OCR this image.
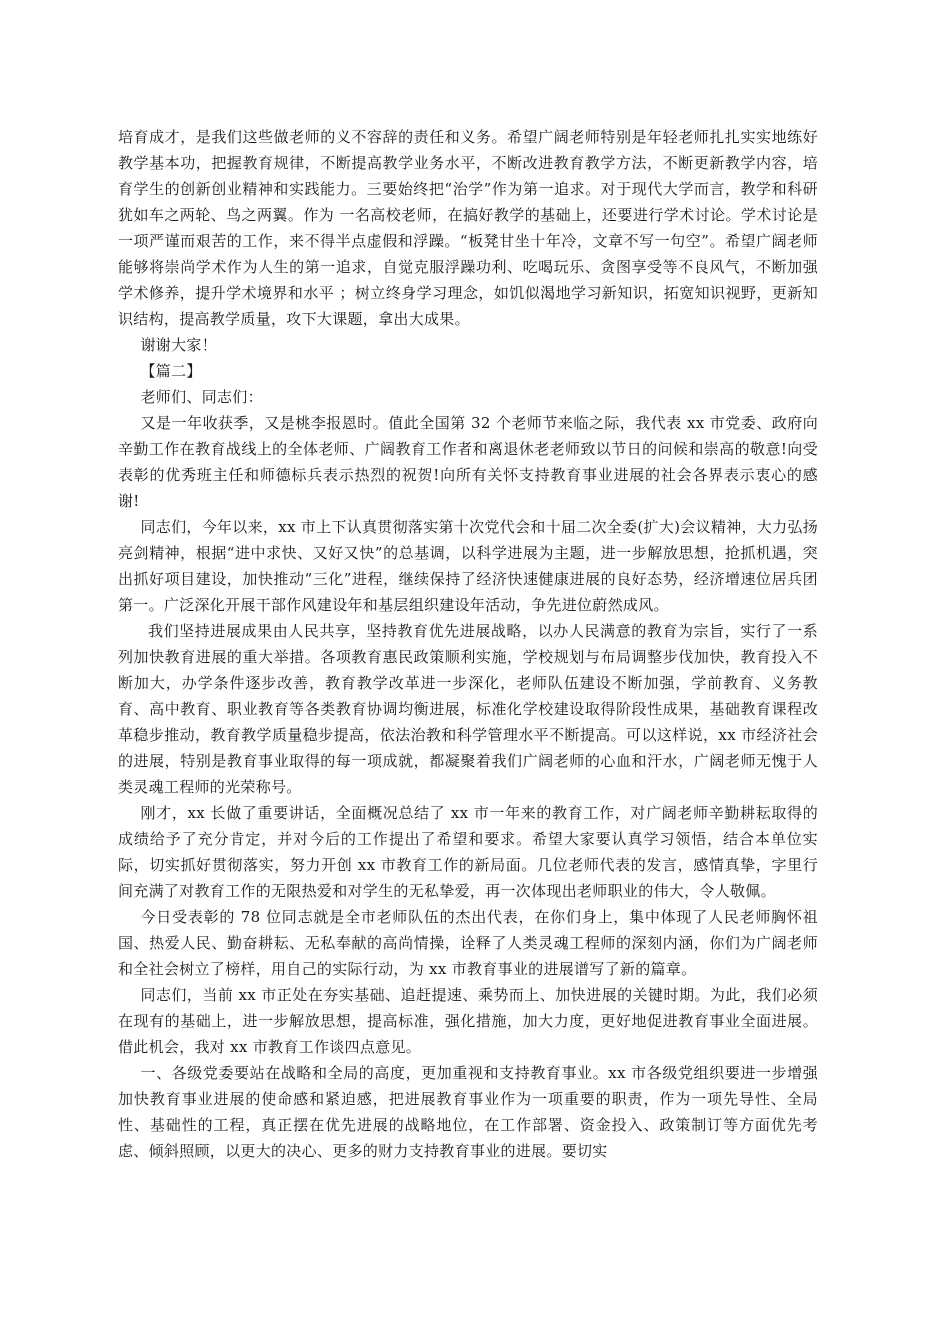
培育成才，是我们这些做老师的义不容辞的责任和义务。希望广阔老师特别是年轻老师扎扎实实地练好教学基本功，把握教育规律，不断提高教学业务水平，不断改进教育教学方法，不断更新教学内容，培育学生的创新创业精神和实践能力。三要始终把“治学”作为第一追求。对于现代大学而言，教学和科研犹如车之两轮、鸟之两翼。作为 一名高校老师，在搞好教学的基础上，还要进行学术讨论。学术讨论是一项严谨而艰苦的工作，来不得半点虚假和浮躁。“板凳甘坐十年冷，文章不写一句空”。希望广阔老师能够将崇尚学术作为人生的第一追求，自觉克服浮躁功利、吃喝玩乐、贪图享受等不良风气，不断加强学术修养，提升学术境界和水平 ；树立终身学习理念，如饥似渴地学习新知识，拓宽知识视野，更新知识结构，提高教学质量，攻下大课题，拿出大成果。

谢谢大家！

【篇二】

老师们、同志们：

又是一年收获季，又是桃李报恩时。值此全国第 32 个老师节来临之际，我代表 xx 市党委、政府向辛勤工作在教育战线上的全体老师、广阔教育工作者和离退休老老师致以节日的问候和崇高的敬意!向受表彰的优秀班主任和师德标兵表示热烈的祝贺!向所有关怀支持教育事业进展的社会各界表示衷心的感谢!

同志们，今年以来，xx 市上下认真贯彻落实第十次党代会和十届二次全委(扩大)会议精神，大力弘扬亮剑精神，根据“进中求快、又好又快”的总基调，以科学进展为主题，进一步解放思想，抢抓机遇，突出抓好项目建设，加快推动“三化”进程，继续保持了经济快速健康进展的良好态势，经济增速位居兵团第一。广泛深化开展干部作风建设年和基层组织建设年活动，争先进位蔚然成风。

我们坚持进展成果由人民共享，坚持教育优先进展战略，以办人民满意的教育为宗旨，实行了一系列加快教育进展的重大举措。各项教育惠民政策顺利实施，学校规划与布局调整步伐加快，教育投入不断加大，办学条件逐步改善，教育教学改革进一步深化，老师队伍建设不断加强，学前教育、义务教育、高中教育、职业教育等各类教育协调均衡进展，标准化学校建设取得阶段性成果，基础教育课程改革稳步推动，教育教学质量稳步提高，依法治教和科学管理水平不断提高。可以这样说，xx 市经济社会的进展，特别是教育事业取得的每一项成就，都凝聚着我们广阔老师的心血和汗水，广阔老师无愧于人类灵魂工程师的光荣称号。

刚才，xx 长做了重要讲话，全面概况总结了 xx 市一年来的教育工作，对广阔老师辛勤耕耘取得的成绩给予了充分肯定，并对今后的工作提出了希望和要求。希望大家要认真学习领悟，结合本单位实际，切实抓好贯彻落实，努力开创 xx 市教育工作的新局面。几位老师代表的发言，感情真挚，字里行间充满了对教育工作的无限热爱和对学生的无私挚爱，再一次体现出老师职业的伟大，令人敬佩。

今日受表彰的 78 位同志就是全市老师队伍的杰出代表，在你们身上，集中体现了人民老师胸怀祖国、热爱人民、勤奋耕耘、无私奉献的高尚情操，诠释了人类灵魂工程师的深刻内涵，你们为广阔老师和全社会树立了榜样，用自己的实际行动，为 xx 市教育事业的进展谱写了新的篇章。

同志们，当前 xx 市正处在夯实基础、追赶提速、乘势而上、加快进展的关键时期。为此，我们必须在现有的基础上，进一步解放思想，提高标准，强化措施，加大力度，更好地促进教育事业全面进展。借此机会，我对 xx 市教育工作谈四点意见。

一、各级党委要站在战略和全局的高度，更加重视和支持教育事业。xx 市各级党组织要进一步增强加快教育事业进展的使命感和紧迫感，把进展教育事业作为一项重要的职责，作为一项先导性、全局性、基础性的工程，真正摆在优先进展的战略地位，在工作部署、资金投入、政策制订等方面优先考虑、倾斜照顾，以更大的决心、更多的财力支持教育事业的进展。要切实
